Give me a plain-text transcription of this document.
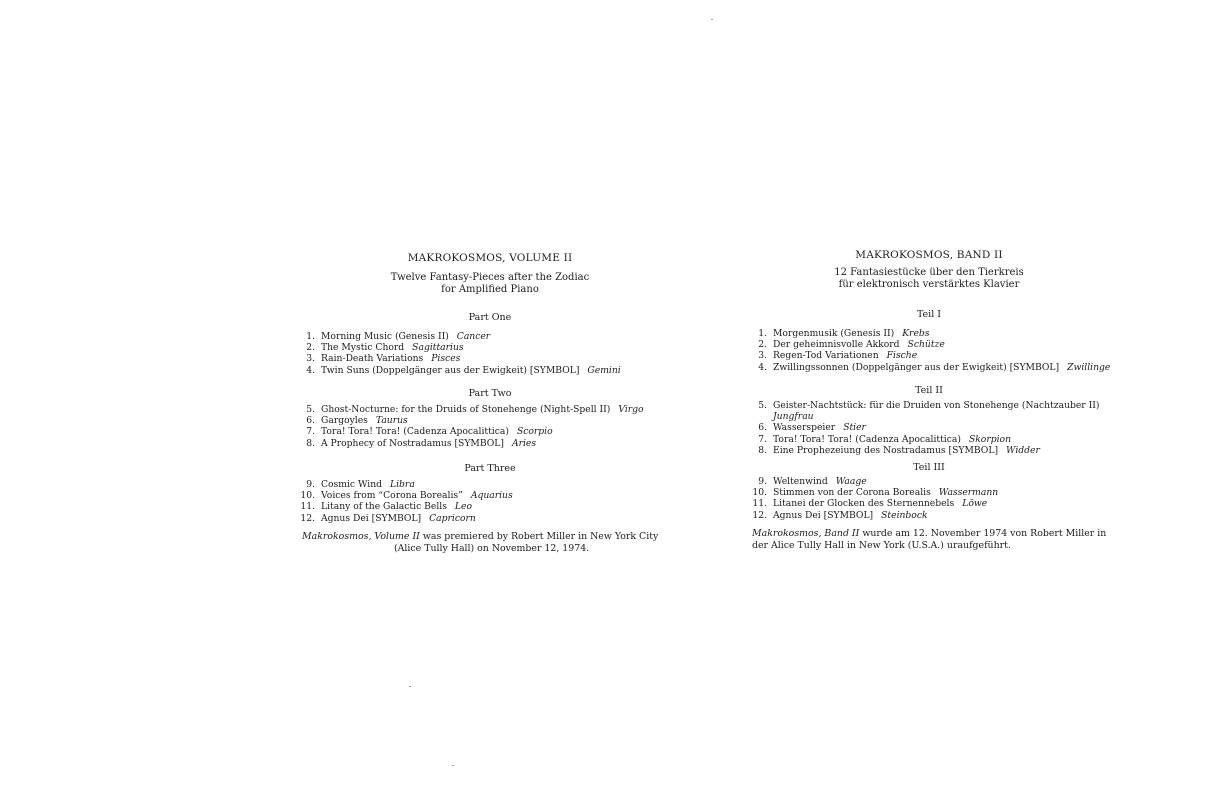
MAKROKOSMOS, VOLUME II
Twelve Fantasy-Pieces after the Zodiac
for Amplified Piano
Part One
1. Morning Music (Genesis II) Cancer
2. The Mystic Chord Sagittarius
3. Rain-Death Variations Pisces
4. Twin Suns (Doppelgänger aus der Ewigkeit) [SYMBOL] Gemini
Part Two
5. Ghost-Nocturne: for the Druids of Stonehenge (Night-Spell II) Virgo
6. Gargoyles Taurus
7. Tora! Tora! Tora! (Cadenza Apocalittica) Scorpio
8. A Prophecy of Nostradamus [SYMBOL] Aries
Part Three
9. Cosmic Wind Libra
10. Voices from “Corona Borealis” Aquarius
11. Litany of the Galactic Bells Leo
12. Agnus Dei [SYMBOL] Capricorn
Makrokosmos, Volume II was premiered by Robert Miller in New York City
(Alice Tully Hall) on November 12, 1974.
MAKROKOSMOS, BAND II
12 Fantasiestücke über den Tierkreis
für elektronisch verstärktes Klavier
Teil I
1. Morgenmusik (Genesis II) Krebs
2. Der geheimnisvolle Akkord Schütze
3. Regen-Tod Variationen Fische
4. Zwillingssonnen (Doppelgänger aus der Ewigkeit) [SYMBOL] Zwillinge
Teil II
5. Geister-Nachtstück: für die Druiden von Stonehenge (Nachtzauber II)
Jungfrau
6. Wasserspeier Stier
7. Tora! Tora! Tora! (Cadenza Apocalittica) Skorpion
8. Eine Prophezeiung des Nostradamus [SYMBOL] Widder
Teil III
9. Weltenwind Waage
10. Stimmen von der Corona Borealis Wassermann
11. Litanei der Glocken des Sternennebels Löwe
12. Agnus Dei [SYMBOL] Steinbock
Makrokosmos, Band II wurde am 12. November 1974 von Robert Miller in
der Alice Tully Hall in New York (U.S.A.) uraufgeführt.
